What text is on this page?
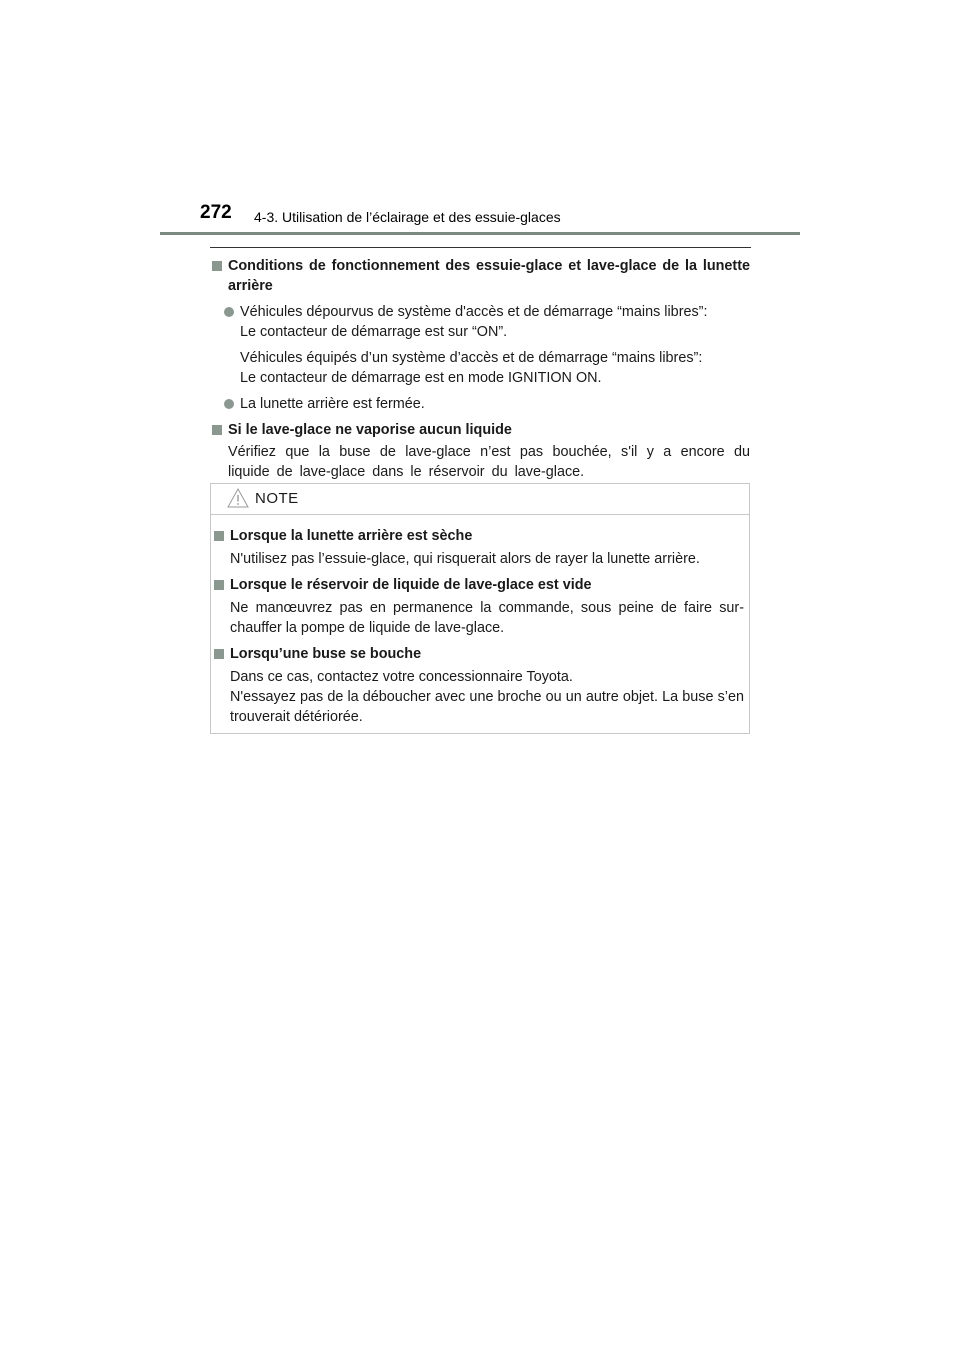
272 4-3. Utilisation de l’éclairage et des essuie-glaces
Conditions de fonctionnement des essuie-glace et lave-glace de la lunette arrière
Véhicules dépourvus de système d'accès et de démarrage “mains libres”:
Le contacteur de démarrage est sur “ON”.
Véhicules équipés d’un système d’accès et de démarrage “mains libres”:
Le contacteur de démarrage est en mode IGNITION ON.
La lunette arrière est fermée.
Si le lave-glace ne vaporise aucun liquide
Vérifiez que la buse de lave-glace n’est pas bouchée, s'il y a encore du liquide de lave-glace dans le réservoir du lave-glace.
NOTE
Lorsque la lunette arrière est sèche
N'utilisez pas l’essuie-glace, qui risquerait alors de rayer la lunette arrière.
Lorsque le réservoir de liquide de lave-glace est vide
Ne manœuvrez pas en permanence la commande, sous peine de faire sur-chauffer la pompe de liquide de lave-glace.
Lorsqu’une buse se bouche
Dans ce cas, contactez votre concessionnaire Toyota.
N'essayez pas de la déboucher avec une broche ou un autre objet. La buse s’en trouverait détériorée.
